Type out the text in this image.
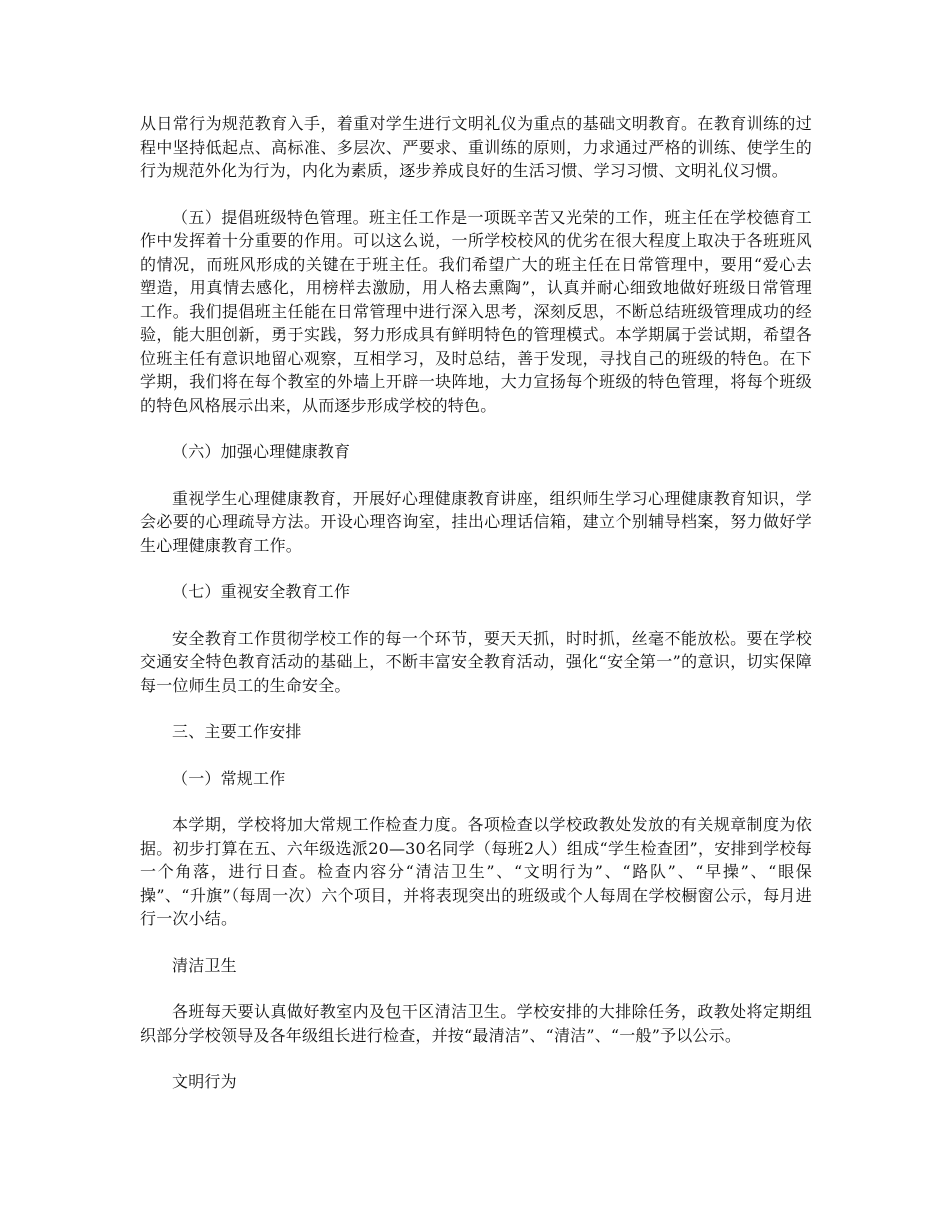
从日常行为规范教育入手，着重对学生进行文明礼仪为重点的基础文明教育。在教育训练的过程中坚持低起点、高标准、多层次、严要求、重训练的原则，力求通过严格的训练、使学生的行为规范外化为行为，内化为素质，逐步养成良好的生活习惯、学习习惯、文明礼仪习惯。

（五）提倡班级特色管理。班主任工作是一项既辛苦又光荣的工作，班主任在学校德育工作中发挥着十分重要的作用。可以这么说，一所学校校风的优劣在很大程度上取决于各班班风的情况，而班风形成的关键在于班主任。我们希望广大的班主任在日常管理中，要用“爱心去塑造，用真情去感化，用榜样去激励，用人格去熏陶”，认真并耐心细致地做好班级日常管理工作。我们提倡班主任能在日常管理中进行深入思考，深刻反思，不断总结班级管理成功的经验，能大胆创新，勇于实践，努力形成具有鲜明特色的管理模式。本学期属于尝试期，希望各位班主任有意识地留心观察，互相学习，及时总结，善于发现，寻找自己的班级的特色。在下学期，我们将在每个教室的外墙上开辟一块阵地，大力宣扬每个班级的特色管理，将每个班级的特色风格展示出来，从而逐步形成学校的特色。

（六）加强心理健康教育

重视学生心理健康教育，开展好心理健康教育讲座，组织师生学习心理健康教育知识，学会必要的心理疏导方法。开设心理咨询室，挂出心理话信箱，建立个别辅导档案，努力做好学生心理健康教育工作。

（七）重视安全教育工作

安全教育工作贯彻学校工作的每一个环节，要天天抓，时时抓，丝毫不能放松。要在学校交通安全特色教育活动的基础上，不断丰富安全教育活动，强化“安全第一”的意识，切实保障每一位师生员工的生命安全。

三、主要工作安排

（一）常规工作

本学期，学校将加大常规工作检查力度。各项检查以学校政教处发放的有关规章制度为依据。初步打算在五、六年级选派20—30名同学（每班2人）组成“学生检查团”，安排到学校每一个角落，进行日查。检查内容分“清洁卫生”、“文明行为”、“路队”、“早操”、“眼保操”、“升旗”（每周一次）六个项目，并将表现突出的班级或个人每周在学校橱窗公示，每月进行一次小结。

清洁卫生

各班每天要认真做好教室内及包干区清洁卫生。学校安排的大排除任务，政教处将定期组织部分学校领导及各年级组长进行检查，并按“最清洁”、“清洁”、“一般”予以公示。

文明行为
